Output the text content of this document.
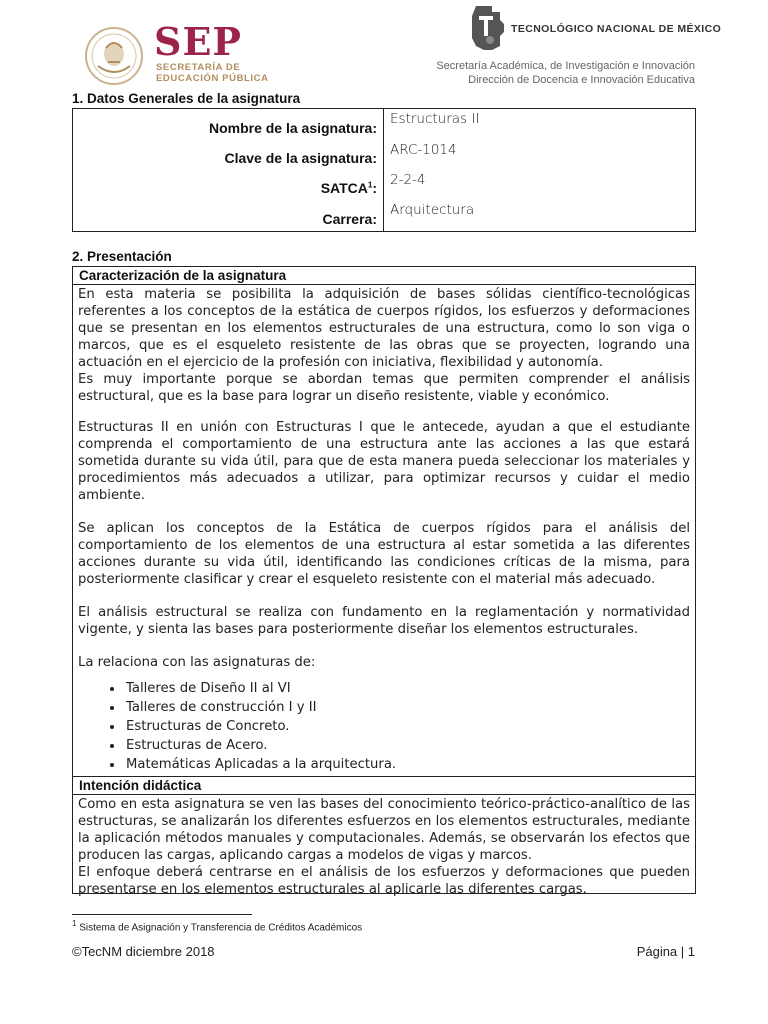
SEP
SECRETARÍA DE
EDUCACIÓN PÚBLICA
TECNOLÓGICO NACIONAL DE MÉXICO
Secretaría Académica, de Investigación e Innovación
Dirección de Docencia e Innovación Educativa
1. Datos Generales de la asignatura
Nombre de la asignatura:	Estructuras II
Clave de la asignatura:	ARC-1014
SATCA$^1$:	2-2-4
Carrera:	Arquitectura
2. Presentación
Caracterización de la asignatura

En esta materia se posibilita la adquisición de bases sólidas científico-tecnológicas referentes a los conceptos de la estática de cuerpos rígidos, los esfuerzos y deformaciones que se presentan en los elementos estructurales de una estructura, como lo son viga o marcos, que es el esqueleto resistente de las obras que se proyecten, logrando una actuación en el ejercicio de la profesión con iniciativa, flexibilidad y autonomía.

Es muy importante porque se abordan temas que permiten comprender el análisis estructural, que es la base para lograr un diseño resistente, viable y económico.

Estructuras II en unión con Estructuras I que le antecede, ayudan a que el estudiante comprenda el comportamiento de una estructura ante las acciones a las que estará sometida durante su vida útil, para que de esta manera pueda seleccionar los materiales y procedimientos más adecuados a utilizar, para optimizar recursos y cuidar el medio ambiente.

Se aplican los conceptos de la Estática de cuerpos rígidos para el análisis del comportamiento de los elementos de una estructura al estar sometida a las diferentes acciones durante su vida útil, identificando las condiciones críticas de la misma, para posteriormente clasificar y crear el esqueleto resistente con el material más adecuado.

El análisis estructural se realiza con fundamento en la reglamentación y normatividad vigente, y sienta las bases para posteriormente diseñar los elementos estructurales.

La relaciona con las asignaturas de:

• Talleres de Diseño II al VI
• Talleres de construcción I y II
• Estructuras de Concreto.
• Estructuras de Acero.
• Matemáticas Aplicadas a la arquitectura.
Intención didáctica

Como en esta asignatura se ven las bases del conocimiento teórico-práctico-analítico de las estructuras, se analizarán los diferentes esfuerzos en los elementos estructurales, mediante la aplicación métodos manuales y computacionales. Además, se observarán los efectos que producen las cargas, aplicando cargas a modelos de vigas y marcos.

El enfoque deberá centrarse en el análisis de los esfuerzos y deformaciones que pueden presentarse en los elementos estructurales al aplicarle las diferentes cargas.

$^1$ Sistema de Asignación y Transferencia de Créditos Académicos
©TecNM diciembre 2018	Página | 1
